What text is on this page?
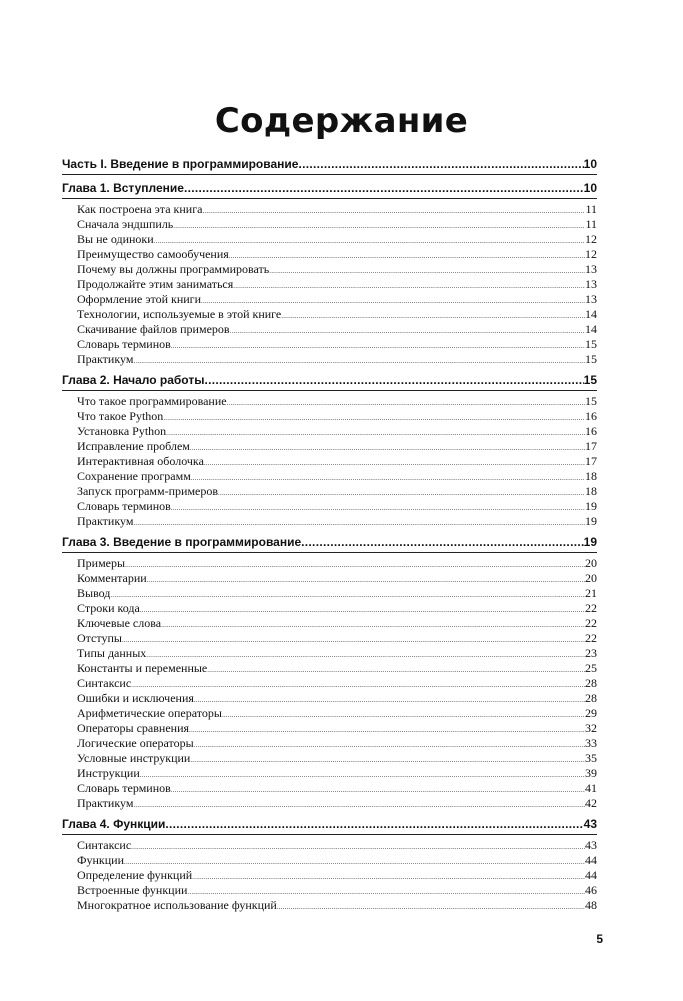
Содержание
Часть I. Введение в программирование .....	10
Глава 1. Вступление .....	10
Как построена эта книга .....	11
Сначала эндшпиль .....	11
Вы не одиноки .....	12
Преимущество самообучения .....	12
Почему вы должны программировать .....	13
Продолжайте этим заниматься .....	13
Оформление этой книги .....	13
Технологии, используемые в этой книге .....	14
Скачивание файлов примеров .....	14
Словарь терминов .....	15
Практикум .....	15
Глава 2. Начало работы .....	15
Что такое программирование .....	15
Что такое Python .....	16
Установка Python .....	16
Исправление проблем .....	17
Интерактивная оболочка .....	17
Сохранение программ .....	18
Запуск программ-примеров .....	18
Словарь терминов .....	19
Практикум .....	19
Глава 3. Введение в программирование .....	19
Примеры .....	20
Комментарии .....	20
Вывод .....	21
Строки кода .....	22
Ключевые слова .....	22
Отступы .....	22
Типы данных .....	23
Константы и переменные .....	25
Синтаксис .....	28
Ошибки и исключения .....	28
Арифметические операторы .....	29
Операторы сравнения .....	32
Логические операторы .....	33
Условные инструкции .....	35
Инструкции .....	39
Словарь терминов .....	41
Практикум .....	42
Глава 4. Функции .....	43
Синтаксис .....	43
Функции .....	44
Определение функций .....	44
Встроенные функции .....	46
Многократное использование функций .....	48
5
